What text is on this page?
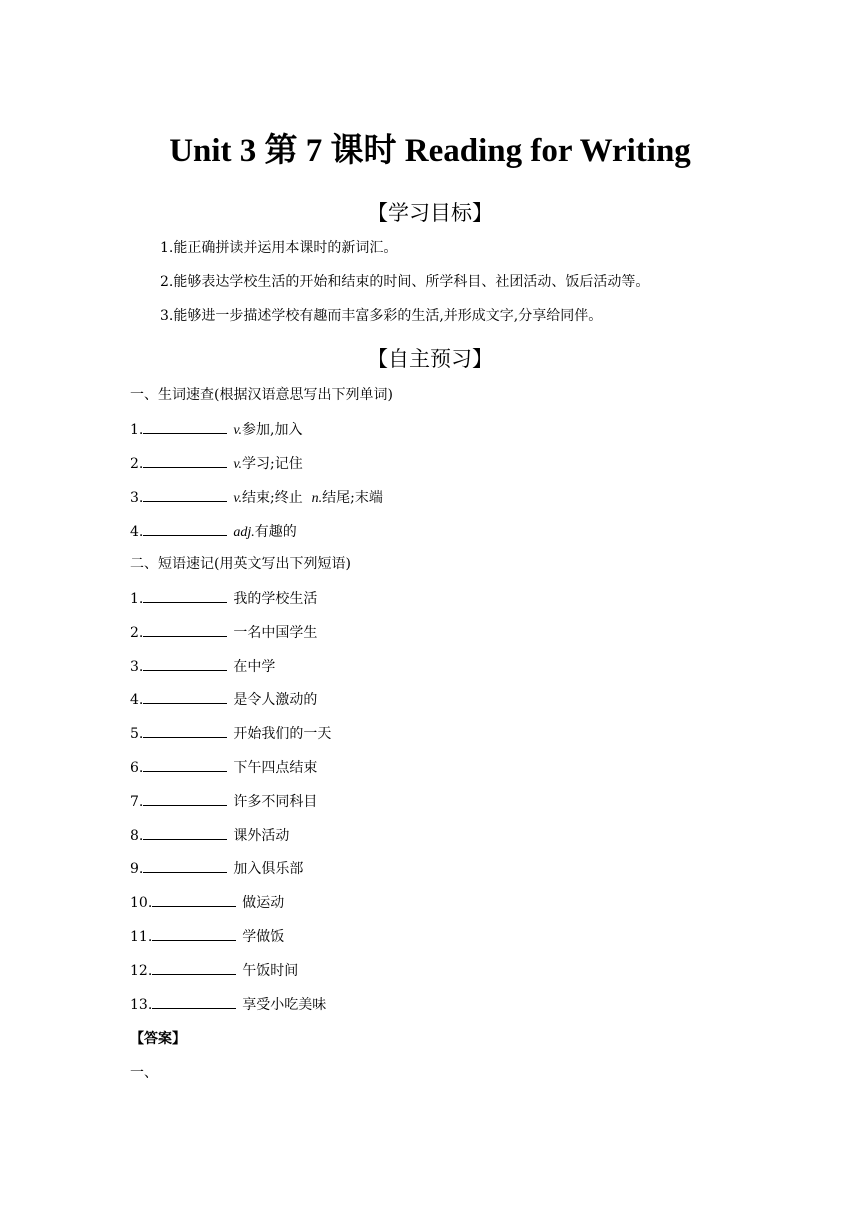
Unit 3 第 7 课时 Reading for Writing
【学习目标】
1.能正确拼读并运用本课时的新词汇。
2.能够表达学校生活的开始和结束的时间、所学科目、社团活动、饭后活动等。
3.能够进一步描述学校有趣而丰富多彩的生活,并形成文字,分享给同伴。
【自主预习】
一、生词速查(根据汉语意思写出下列单词)
1.	v.参加,加入
2.	v.学习;记住
3.	v.结束;终止  n.结尾;末端
4.	adj.有趣的
二、短语速记(用英文写出下列短语)
1.	我的学校生活
2.	一名中国学生
3.	在中学
4.	是令人激动的
5.	开始我们的一天
6.	下午四点结束
7.	许多不同科目
8.	课外活动
9.	加入俱乐部
10.	做运动
11.	学做饭
12.	午饭时间
13.	享受小吃美味
【答案】
一、
